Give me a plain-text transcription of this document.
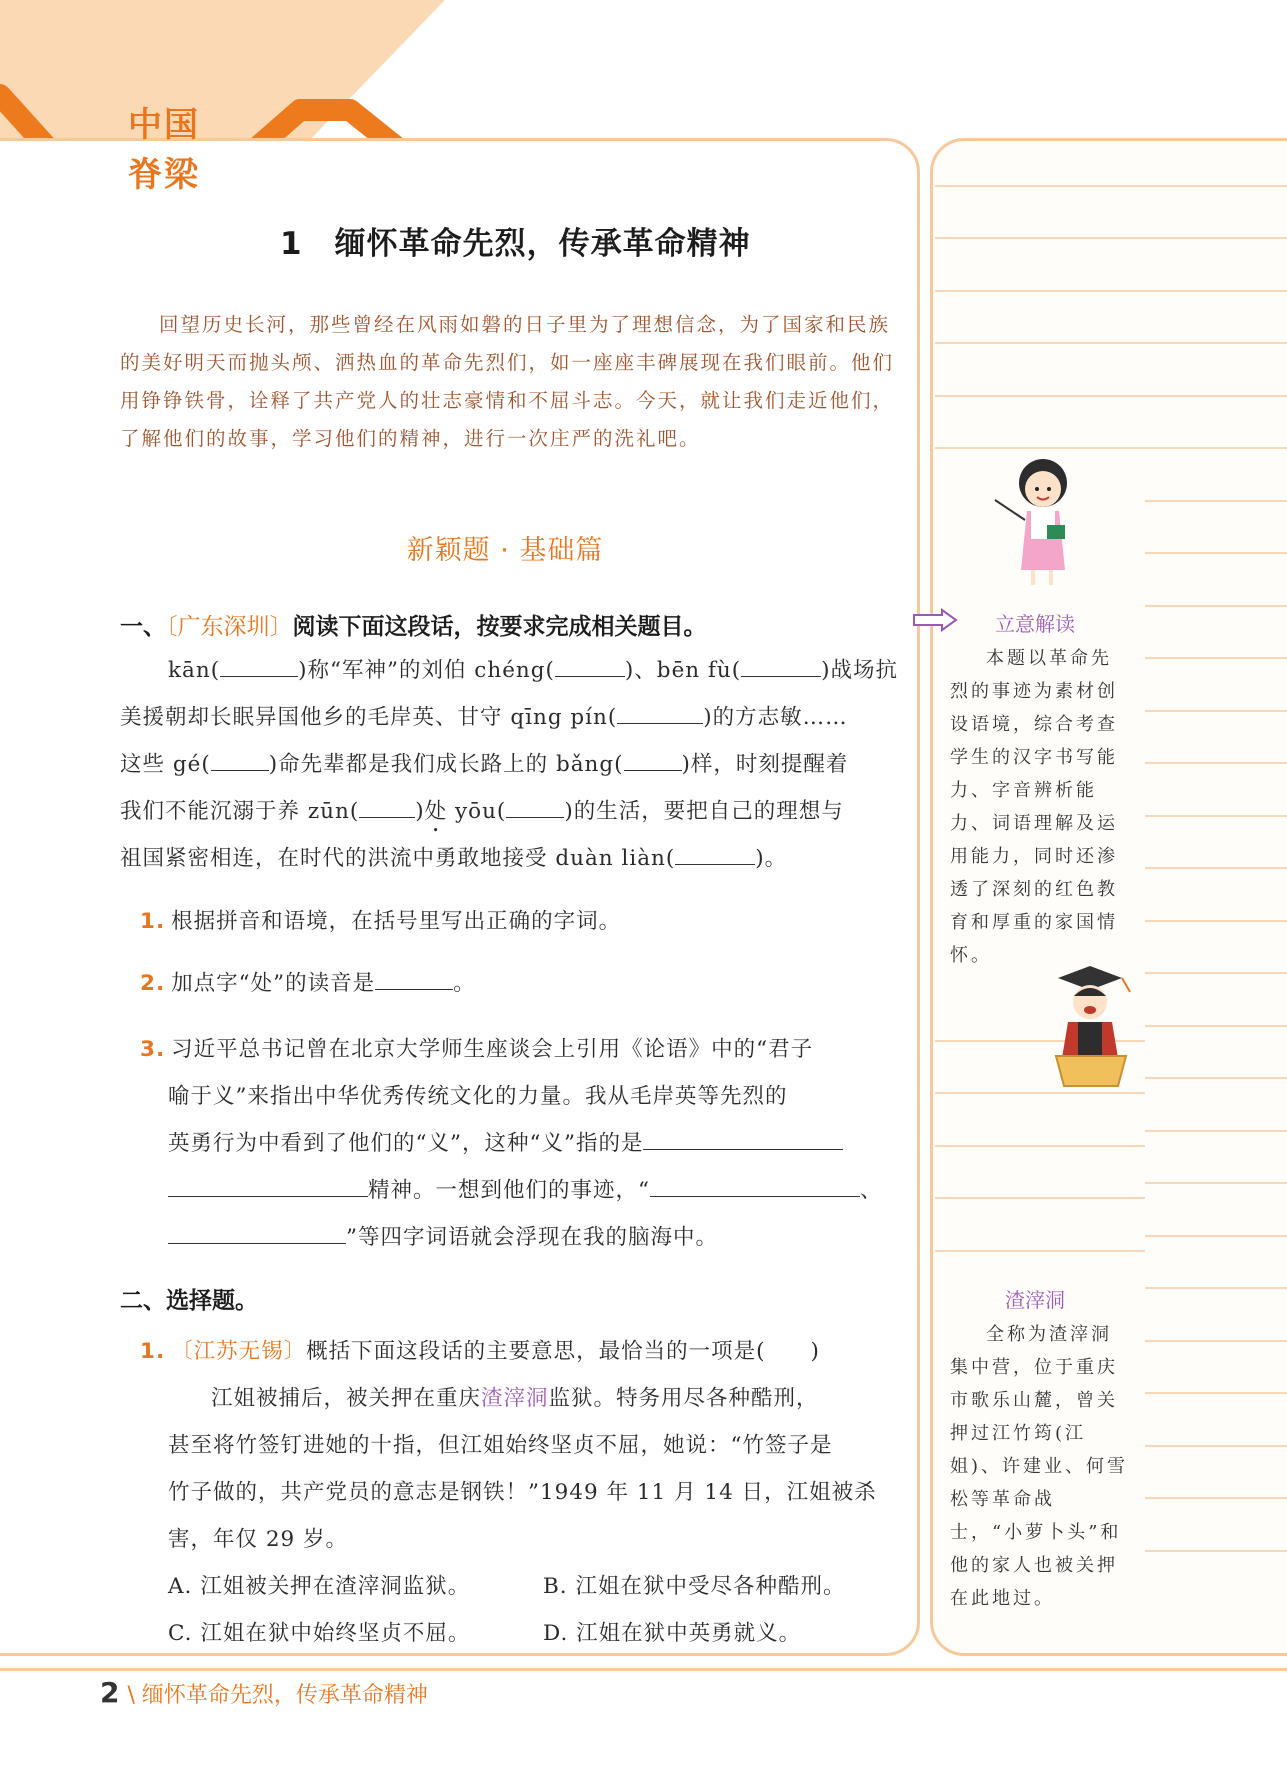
中国
脊梁
1　缅怀革命先烈，传承革命精神
回望历史长河，那些曾经在风雨如磐的日子里为了理想信念，为了国家和民族的美好明天而抛头颅、洒热血的革命先烈们，如一座座丰碑展现在我们眼前。他们用铮铮铁骨，诠释了共产党人的壮志豪情和不屈斗志。今天，就让我们走近他们，了解他们的故事，学习他们的精神，进行一次庄严的洗礼吧。
新颖题 · 基础篇
一、〔广东深圳〕阅读下面这段话，按要求完成相关题目。
kān(	)称“军神”的刘伯 chéng(	)、bēn fù(	)战场抗
美援朝却长眠异国他乡的毛岸英、甘守 qīng pín(	)的方志敏……
这些 gé(	)命先辈都是我们成长路上的 bǎng(	)样，时刻提醒着
我们不能沉溺于养 zūn(	)处 yōu(	)的生活，要把自己的理想与
祖国紧密相连，在时代的洪流中勇敢地接受 duàn liàn(	)。
1. 根据拼音和语境，在括号里写出正确的字词。
2. 加点字“处”的读音是	。
3. 习近平总书记曾在北京大学师生座谈会上引用《论语》中的“君子
喻于义”来指出中华优秀传统文化的力量。我从毛岸英等先烈的
英勇行为中看到了他们的“义”，这种“义”指的是
精神。一想到他们的事迹，“	、
”等四字词语就会浮现在我的脑海中。
二、选择题。
1. 〔江苏无锡〕概括下面这段话的主要意思，最恰当的一项是(　　)
江姐被捕后，被关押在重庆渣滓洞监狱。特务用尽各种酷刑，
甚至将竹签钉进她的十指，但江姐始终坚贞不屈，她说：“竹签子是
竹子做的，共产党员的意志是钢铁！”1949 年 11 月 14 日，江姐被杀
害，年仅 29 岁。
A. 江姐被关押在渣滓洞监狱。	B. 江姐在狱中受尽各种酷刑。
C. 江姐在狱中始终坚贞不屈。	D. 江姐在狱中英勇就义。
立意解读
本题以革命先烈的事迹为素材创设语境，综合考查学生的汉字书写能力、字音辨析能力、词语理解及运用能力，同时还渗透了深刻的红色教育和厚重的家国情怀。
渣滓洞
全称为渣滓洞集中营，位于重庆市歌乐山麓，曾关押过江竹筠(江姐)、许建业、何雪松等革命战士，“小萝卜头”和他的家人也被关押在此地过。
2 \ 缅怀革命先烈，传承革命精神
